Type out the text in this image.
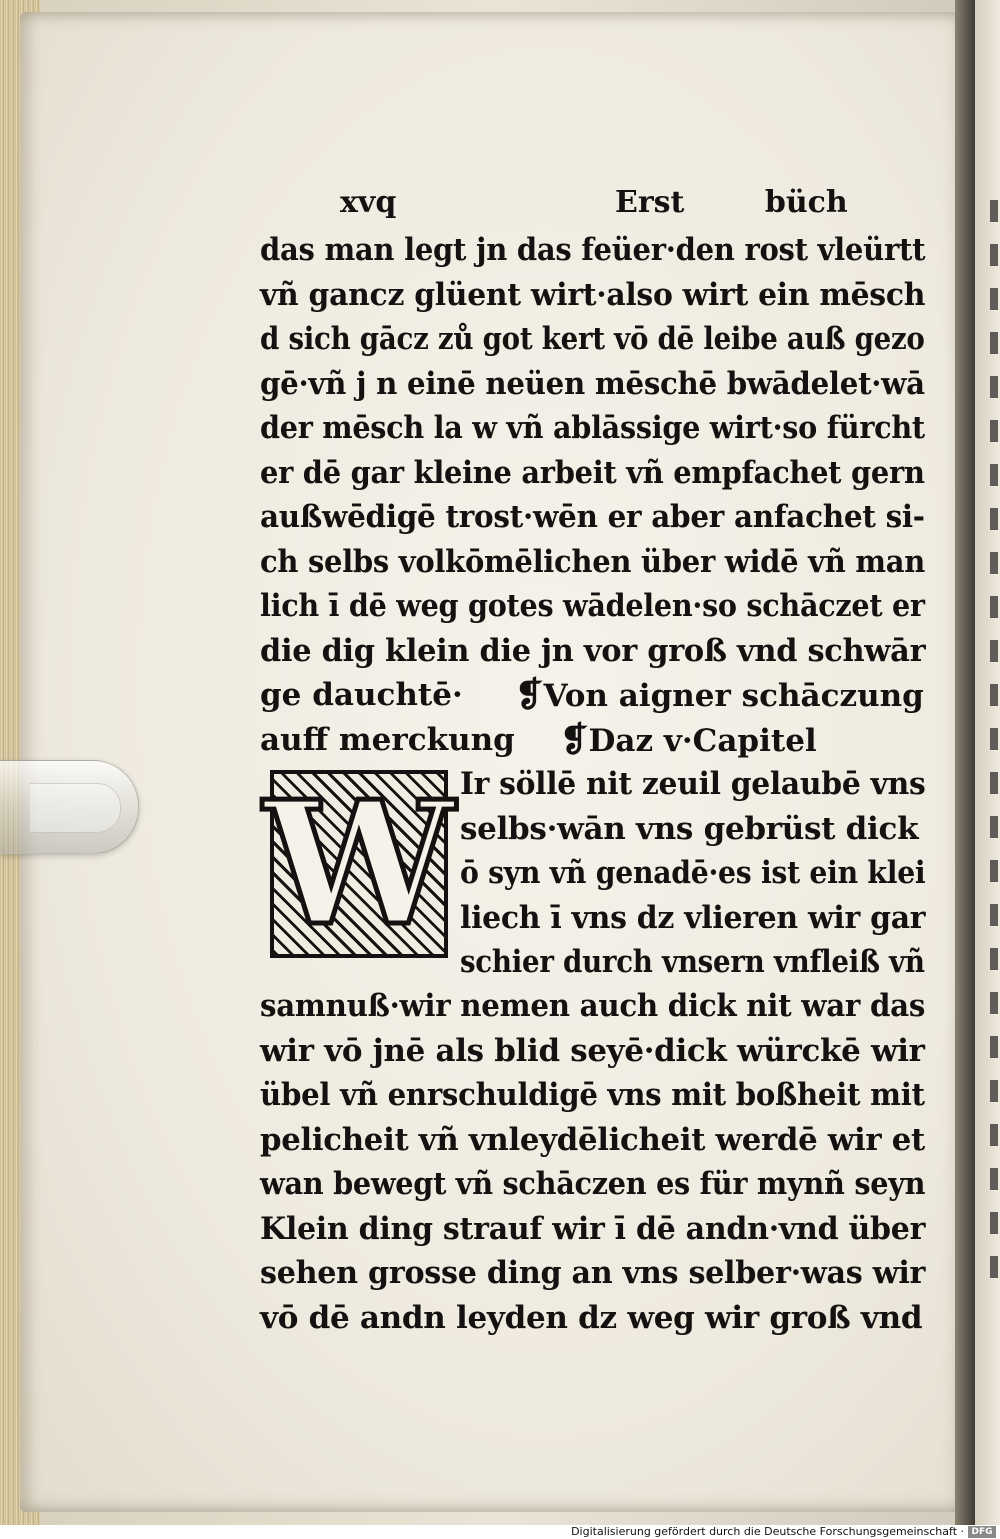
xvq	Erst büch
das man legt jn das feüer·den rost vleürtt
vñ gancz glüent wirt·also wirt ein mēsch
d sich gācz zů got kert vō dē leibe auß gezo
gē·vñ j n einē neüen mēschē bwādelet·wā
der mēsch la w vñ ablāssige wirt·so fürcht
er dē gar kleine arbeit vñ empfachet gern
außwēdigē trost·wēn er aber anfachet si-
ch selbs volkōmēlichen über widē vñ man
lich ī dē weg gotes wādelen·so schāczet er
die dig klein die jn vor groß vnd schwār
ge dauchtē· ❡Von aigner schāczung
auff merckung ❡Daz v·Capitel
W Ir söllē nit zeuil gelaubē vns
selbs·wān vns gebrüst dick
ō syn vñ genadē·es ist ein klei
liech ī vns dz vlieren wir gar
schier durch vnsern vnfleiß vñ
samnuß·wir nemen auch dick nit war das
wir vō jnē als blid seyē·dick würckē wir
übel vñ enrschuldigē vns mit boßheit mit
pelicheit vñ vnleydēlicheit werdē wir et
wan bewegt vñ schāczen es für mynñ seyn
Klein ding strauf wir ī dē andn·vnd über
sehen grosse ding an vns selber·was wir
vō dē andn leyden dz weg wir groß vnd
Digitalisierung gefördert durch die Deutsche Forschungsgemeinschaft · DFG
